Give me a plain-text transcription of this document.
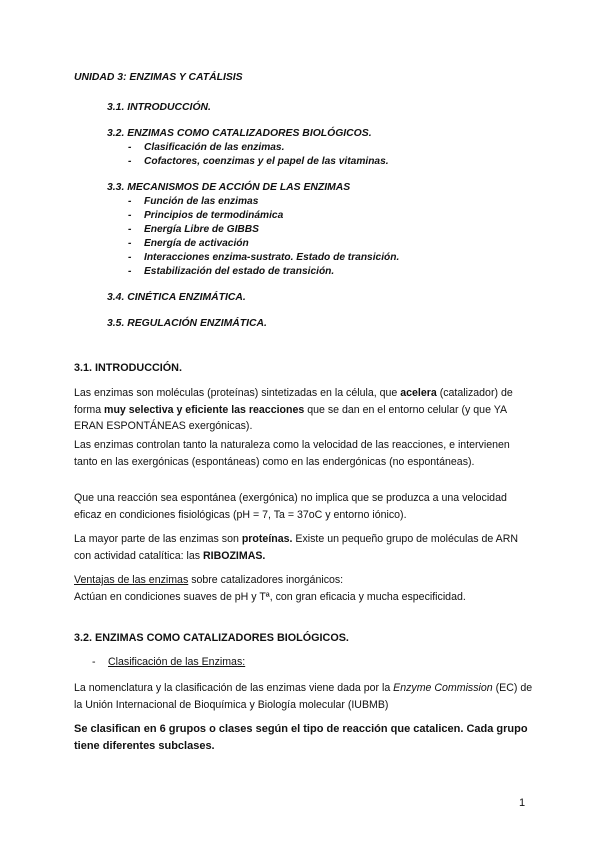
UNIDAD 3: ENZIMAS Y CATÁLISIS
3.1. INTRODUCCIÓN.
3.2. ENZIMAS COMO CATALIZADORES BIOLÓGICOS.
- Clasificación de las enzimas.
- Cofactores, coenzimas y el papel de las vitaminas.
3.3. MECANISMOS DE ACCIÓN DE LAS ENZIMAS
- Función de las enzimas
- Principios de termodinámica
- Energía Libre de GIBBS
- Energía de activación
- Interacciones enzima-sustrato. Estado de transición.
- Estabilización del estado de transición.
3.4. CINÉTICA ENZIMÁTICA.
3.5. REGULACIÓN ENZIMÁTICA.
3.1. INTRODUCCIÓN.

Las enzimas son moléculas (proteínas) sintetizadas en la célula, que acelera (catalizador) de forma muy selectiva y eficiente las reacciones que se dan en el entorno celular (y que YA ERAN ESPONTÁNEAS exergónicas).

Las enzimas controlan tanto la naturaleza como la velocidad de las reacciones, e intervienen tanto en las exergónicas (espontáneas) como en las endergónicas (no espontáneas).

Que una reacción sea espontánea (exergónica) no implica que se produzca a una velocidad eficaz en condiciones fisiológicas (pH = 7, Ta = 37oC y entorno iónico).

La mayor parte de las enzimas son proteínas. Existe un pequeño grupo de moléculas de ARN con actividad catalítica: las RIBOZIMAS.

Ventajas de las enzimas sobre catalizadores inorgánicos:
Actúan en condiciones suaves de pH y Tª, con gran eficacia y mucha especificidad.

3.2. ENZIMAS COMO CATALIZADORES BIOLÓGICOS.
- Clasificación de las Enzimas:

La nomenclatura y la clasificación de las enzimas viene dada por la Enzyme Commission (EC) de la Unión Internacional de Bioquímica y Biología molecular (IUBMB)

Se clasifican en 6 grupos o clases según el tipo de reacción que catalicen. Cada grupo tiene diferentes subclases.

1
